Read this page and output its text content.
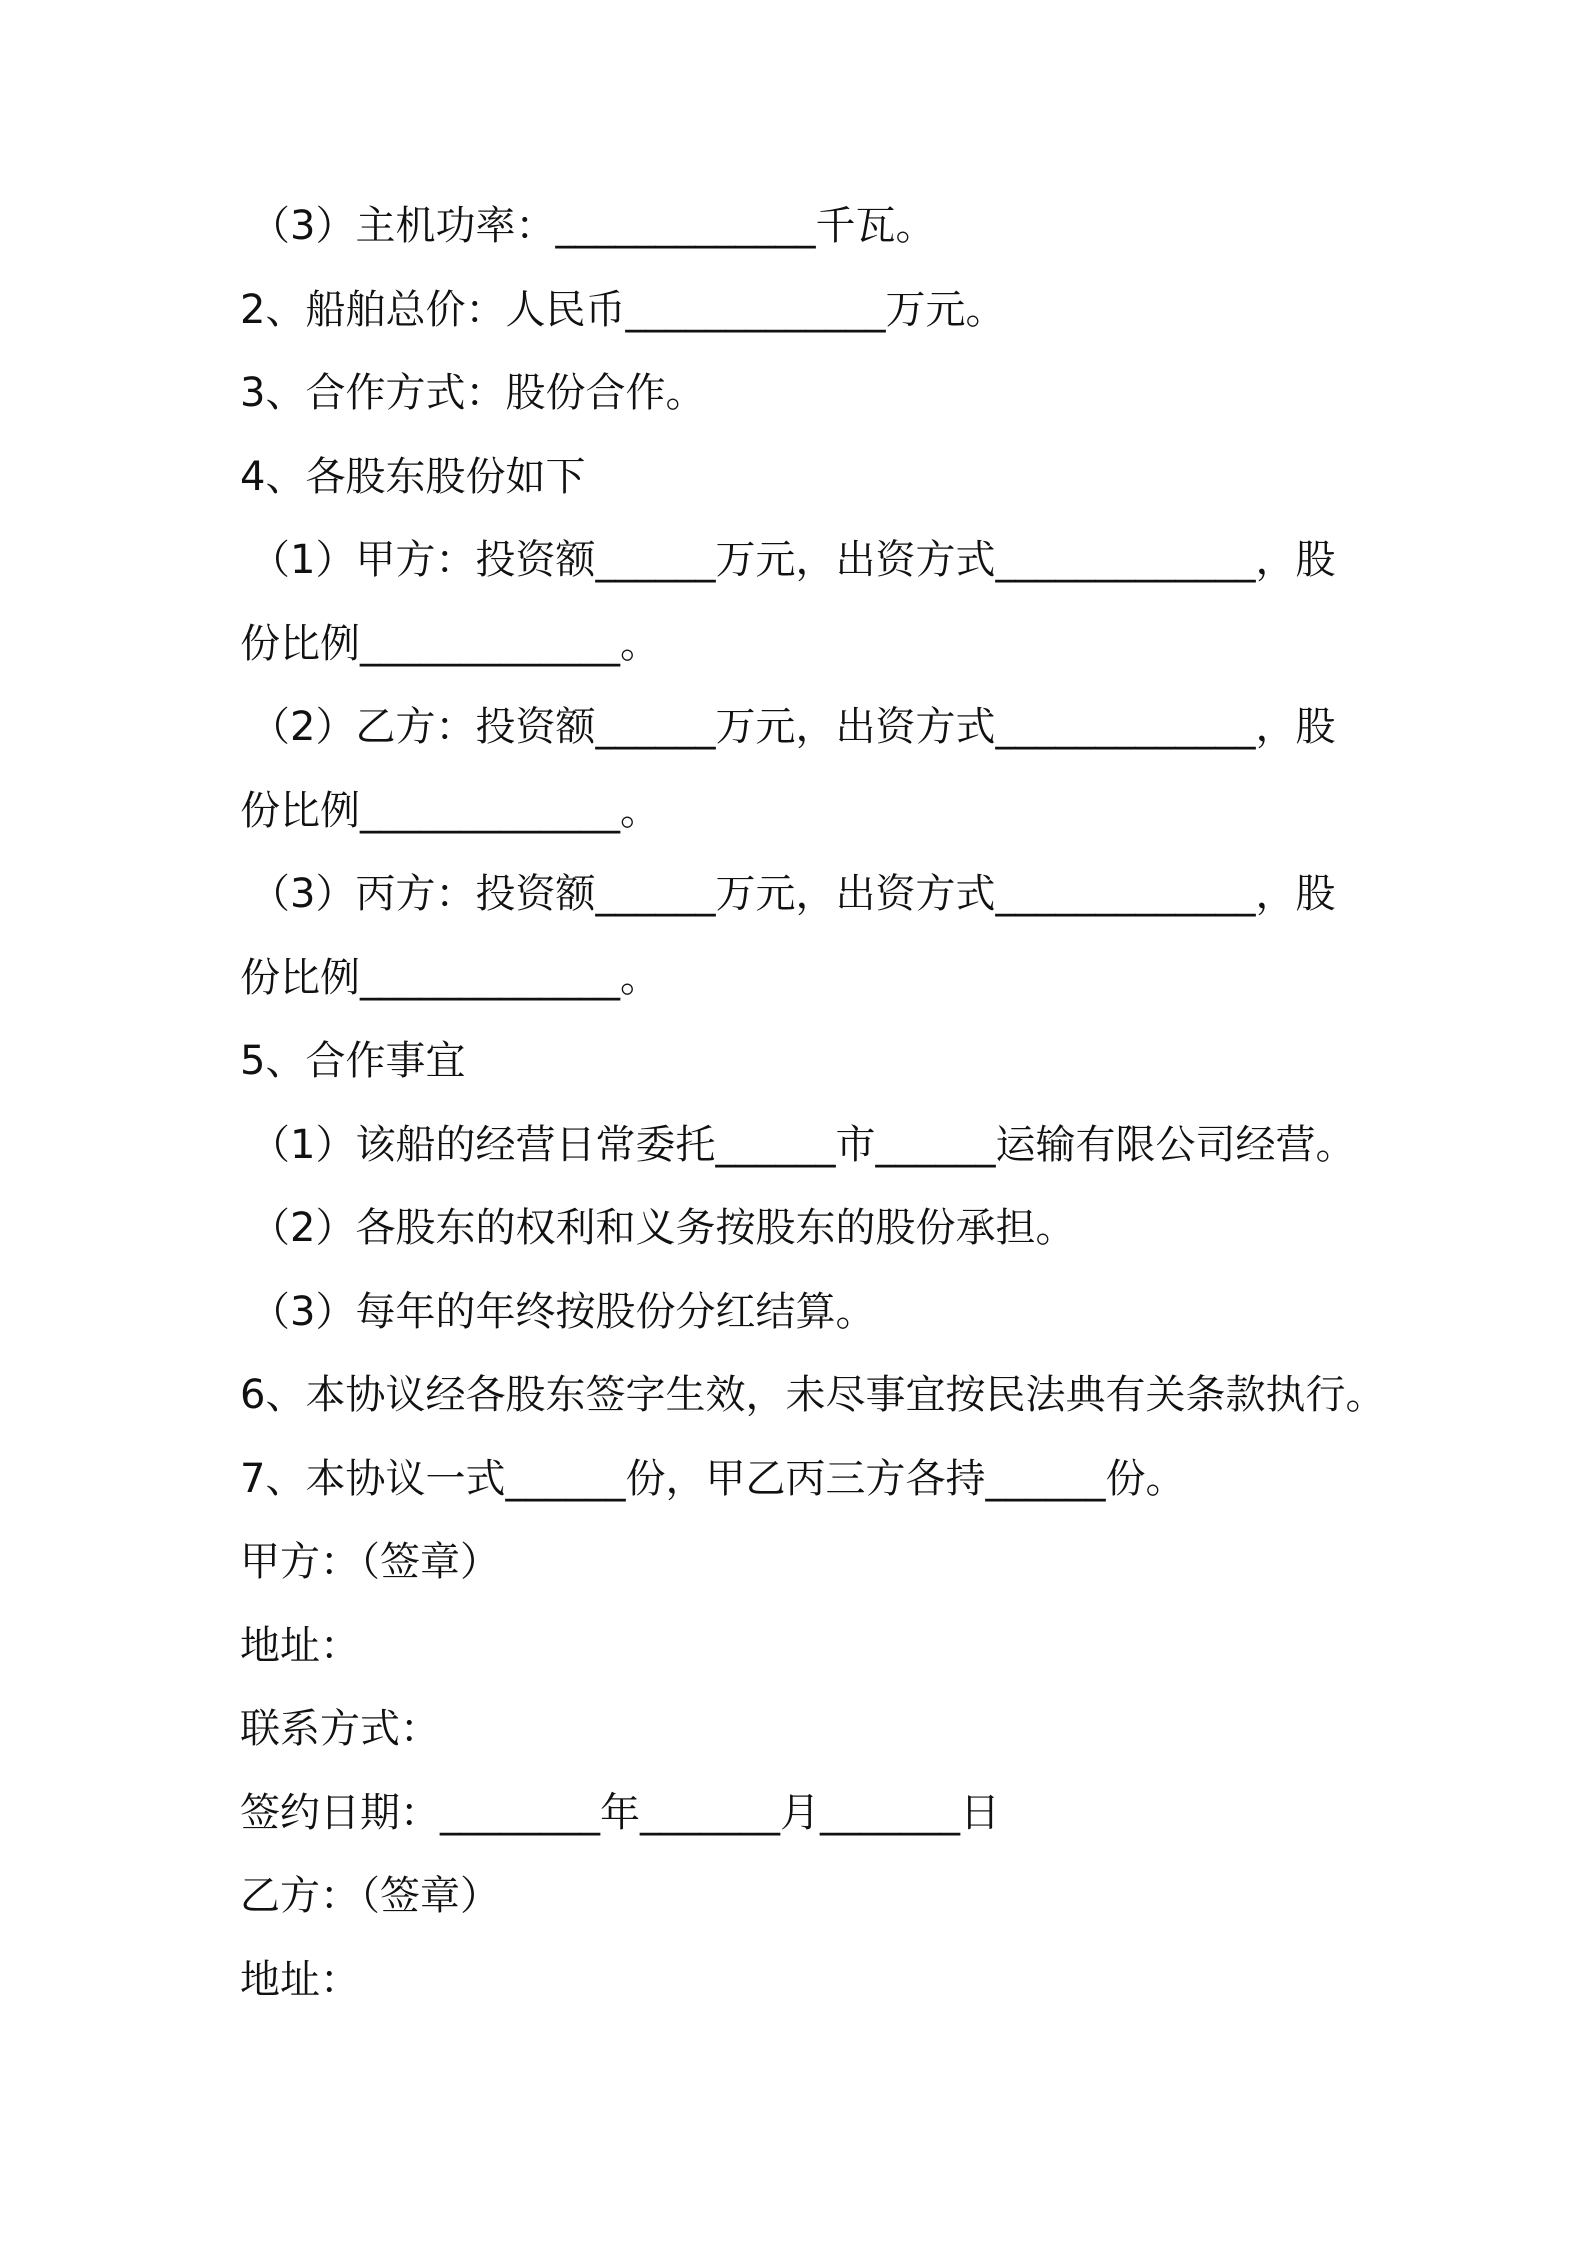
（3）主机功率：_____________千瓦。
2、船舶总价：人民币_____________万元。
3、合作方式：股份合作。
4、各股东股份如下
（1）甲方：投资额______万元，出资方式_____________，股
份比例_____________。
（2）乙方：投资额______万元，出资方式_____________，股
份比例_____________。
（3）丙方：投资额______万元，出资方式_____________，股
份比例_____________。
5、合作事宜
（1）该船的经营日常委托______市______运输有限公司经营。
（2）各股东的权利和义务按股东的股份承担。
（3）每年的年终按股份分红结算。
6、本协议经各股东签字生效，未尽事宜按民法典有关条款执行。
7、本协议一式______份，甲乙丙三方各持______份。
甲方：（签章）
地址：
联系方式：
签约日期：________年_______月_______日
乙方：（签章）
地址：
